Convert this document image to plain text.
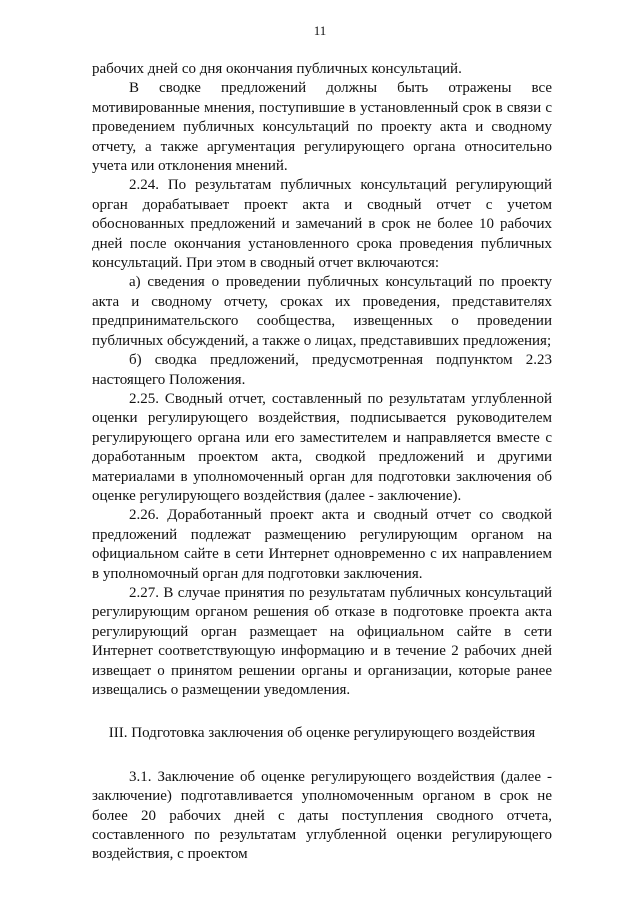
11

рабочих дней со дня окончания публичных консультаций.

В сводке предложений должны быть отражены все мотивированные мнения, поступившие в установленный срок в связи с проведением публичных консультаций по проекту акта и сводному отчету, а также аргументация регулирующего органа относительно учета или отклонения мнений.

2.24. По результатам публичных консультаций регулирующий орган дорабатывает проект акта и сводный отчет с учетом обоснованных предложений и замечаний в срок не более 10 рабочих дней после окончания установленного срока проведения публичных консультаций. При этом в сводный отчет включаются:

а) сведения о проведении публичных консультаций по проекту акта и сводному отчету, сроках их проведения, представителях предпринимательского сообщества, извещенных о проведении публичных обсуждений, а также о лицах, представивших предложения;

б) сводка предложений, предусмотренная подпунктом 2.23 настоящего Положения.

2.25. Сводный отчет, составленный по результатам углубленной оценки регулирующего воздействия, подписывается руководителем регулирующего органа или его заместителем и направляется вместе с доработанным проектом акта, сводкой предложений и другими материалами в уполномоченный орган для подготовки заключения об оценке регулирующего воздействия (далее - заключение).

2.26. Доработанный проект акта и сводный отчет со сводкой предложений подлежат размещению регулирующим органом на официальном сайте в сети Интернет одновременно с их направлением в уполномочный орган для подготовки заключения.

2.27. В случае принятия по результатам публичных консультаций регулирующим органом решения об отказе в подготовке проекта акта регулирующий орган размещает на официальном сайте в сети Интернет соответствующую информацию и в течение 2 рабочих дней извещает о принятом решении органы и организации, которые ранее извещались о размещении уведомления.

III. Подготовка заключения об оценке регулирующего воздействия

3.1. Заключение об оценке регулирующего воздействия (далее - заключение) подготавливается уполномоченным органом в срок не более 20 рабочих дней с даты поступления сводного отчета, составленного по результатам углубленной оценки регулирующего воздействия, с проектом
